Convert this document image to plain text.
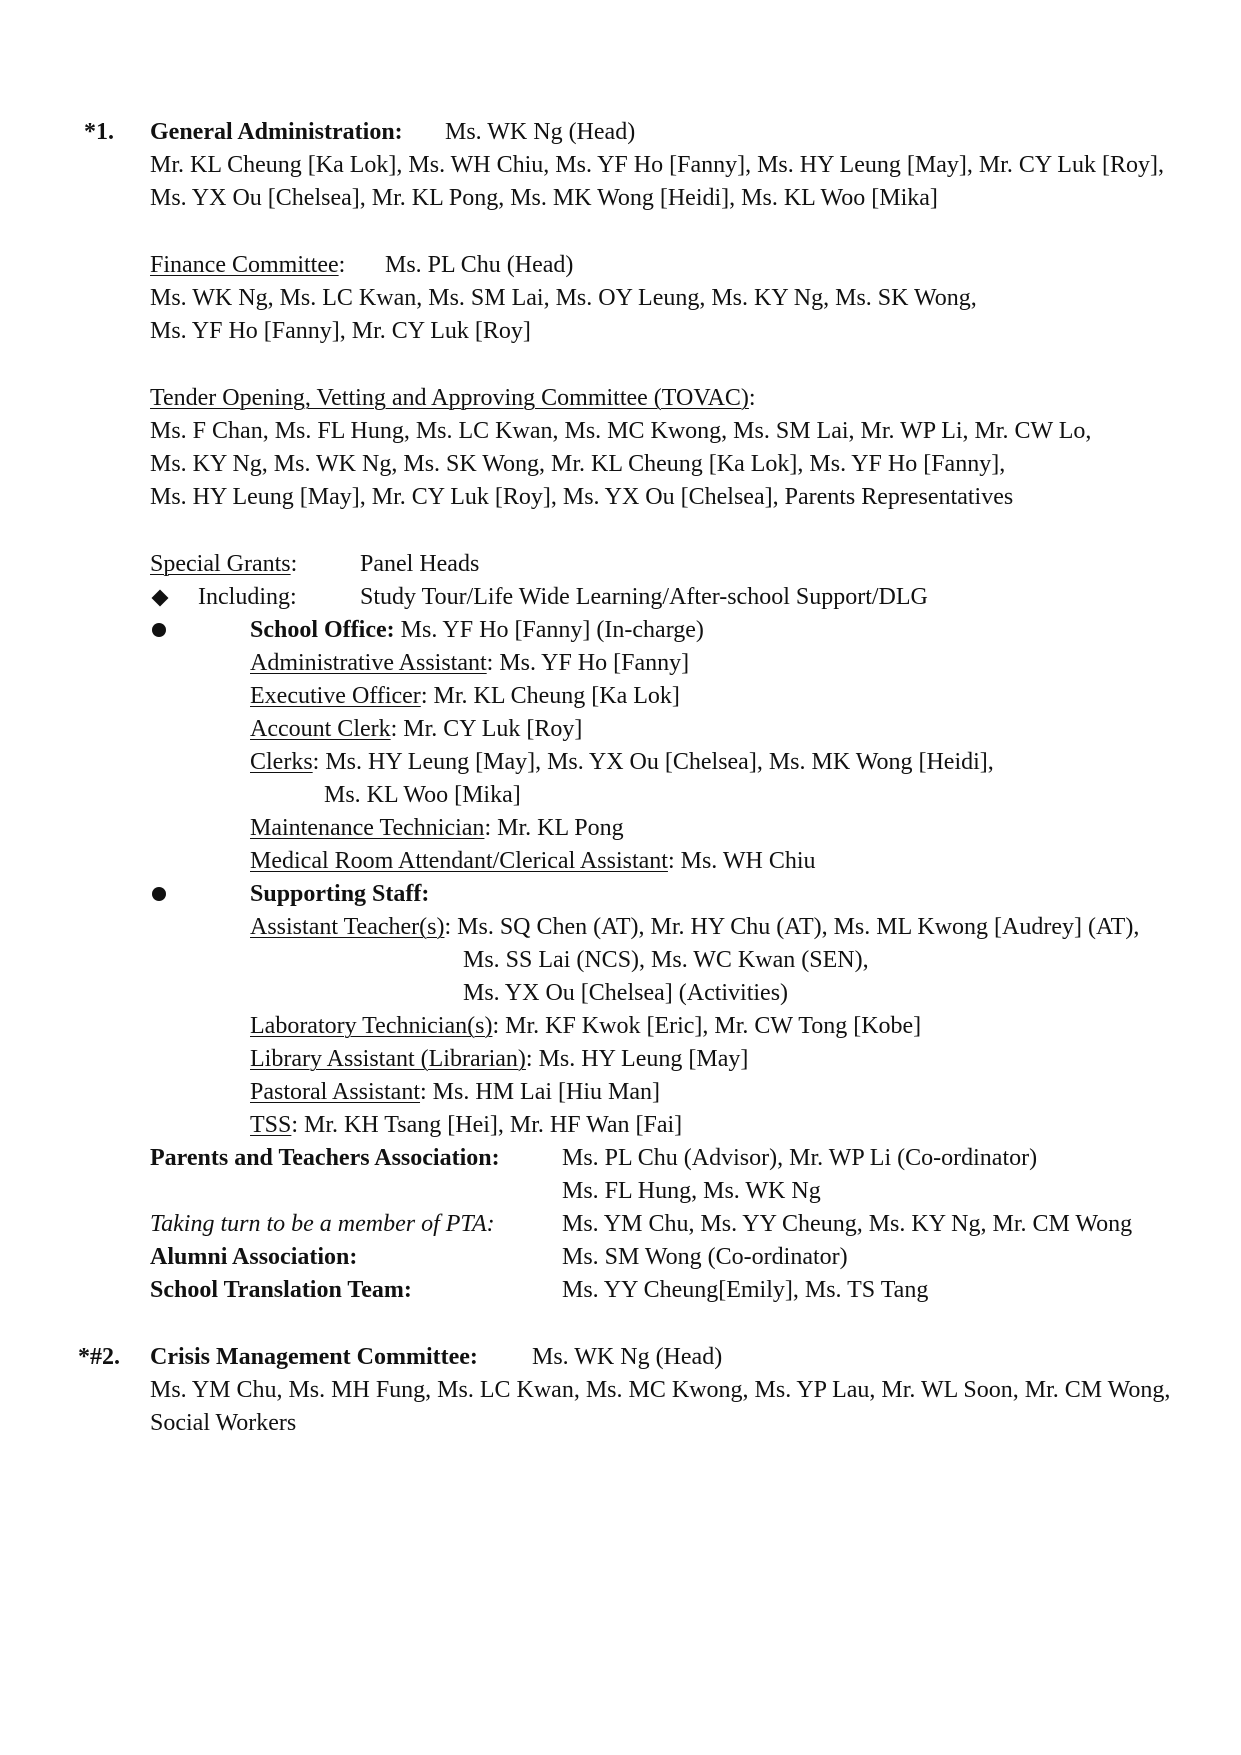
*1. General Administration: Ms. WK Ng (Head)
Mr. KL Cheung [Ka Lok], Ms. WH Chiu, Ms. YF Ho [Fanny], Ms. HY Leung [May], Mr. CY Luk [Roy],
Ms. YX Ou [Chelsea], Mr. KL Pong, Ms. MK Wong [Heidi], Ms. KL Woo [Mika]
Finance Committee: Ms. PL Chu (Head)
Ms. WK Ng, Ms. LC Kwan, Ms. SM Lai, Ms. OY Leung, Ms. KY Ng, Ms. SK Wong,
Ms. YF Ho [Fanny], Mr. CY Luk [Roy]
Tender Opening, Vetting and Approving Committee (TOVAC):
Ms. F Chan, Ms. FL Hung, Ms. LC Kwan, Ms. MC Kwong, Ms. SM Lai, Mr. WP Li, Mr. CW Lo,
Ms. KY Ng, Ms. WK Ng, Ms. SK Wong, Mr. KL Cheung [Ka Lok], Ms. YF Ho [Fanny],
Ms. HY Leung [May], Mr. CY Luk [Roy], Ms. YX Ou [Chelsea], Parents Representatives
Special Grants:	Panel Heads
Including:	Study Tour/Life Wide Learning/After-school Support/DLG
School Office: Ms. YF Ho [Fanny] (In-charge)
Administrative Assistant: Ms. YF Ho [Fanny]
Executive Officer: Mr. KL Cheung [Ka Lok]
Account Clerk: Mr. CY Luk [Roy]
Clerks: Ms. HY Leung [May], Ms. YX Ou [Chelsea], Ms. MK Wong [Heidi],
Ms. KL Woo [Mika]
Maintenance Technician: Mr. KL Pong
Medical Room Attendant/Clerical Assistant: Ms. WH Chiu
Supporting Staff:
Assistant Teacher(s): Ms. SQ Chen (AT), Mr. HY Chu (AT), Ms. ML Kwong [Audrey] (AT),
Ms. SS Lai (NCS), Ms. WC Kwan (SEN),
Ms. YX Ou [Chelsea] (Activities)
Laboratory Technician(s): Mr. KF Kwok [Eric], Mr. CW Tong [Kobe]
Library Assistant (Librarian): Ms. HY Leung [May]
Pastoral Assistant: Ms. HM Lai [Hiu Man]
TSS: Mr. KH Tsang [Hei], Mr. HF Wan [Fai]
Parents and Teachers Association:	Ms. PL Chu (Advisor), Mr. WP Li (Co-ordinator)
Ms. FL Hung, Ms. WK Ng
Taking turn to be a member of PTA:	Ms. YM Chu, Ms. YY Cheung, Ms. KY Ng, Mr. CM Wong
Alumni Association:	Ms. SM Wong (Co-ordinator)
School Translation Team:	Ms. YY Cheung[Emily], Ms. TS Tang
*#2. Crisis Management Committee: Ms. WK Ng (Head)
Ms. YM Chu, Ms. MH Fung, Ms. LC Kwan, Ms. MC Kwong, Ms. YP Lau, Mr. WL Soon, Mr. CM Wong,
Social Workers
